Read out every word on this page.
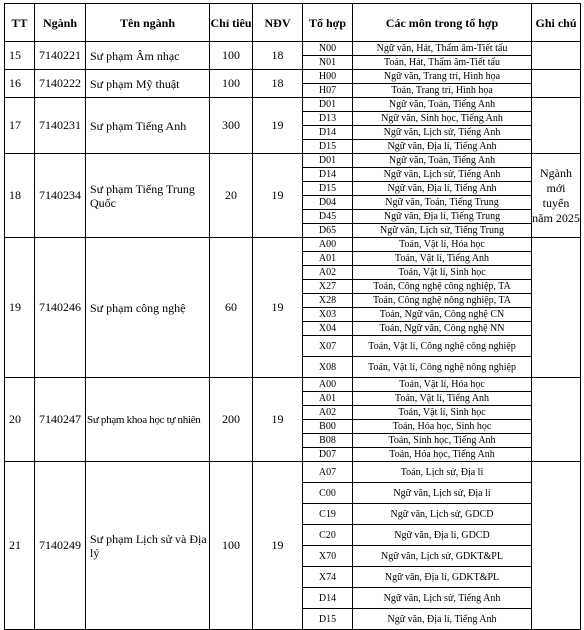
TT	Ngành	Tên ngành	Chỉ tiêu	NĐV	Tổ hợp	Các môn trong tổ hợp	Ghi chú
15	7140221	Sư phạm Âm nhạc	100	18	N00	Ngữ văn, Hát, Thẩm âm-Tiết tấu	
					N01	Toán, Hát, Thẩm âm-Tiết tấu	
16	7140222	Sư phạm Mỹ thuật	100	18	H00	Ngữ văn, Trang trí, Hình họa	
					H07	Toán, Trang trí, Hình họa	
17	7140231	Sư phạm Tiếng Anh	300	19	D01	Ngữ văn, Toán, Tiếng Anh	
					D13	Ngữ văn, Sinh học, Tiếng Anh	
					D14	Ngữ văn, Lịch sử, Tiếng Anh	
					D15	Ngữ văn, Địa lí, Tiếng Anh	
18	7140234	Sư phạm Tiếng Trung Quốc	20	19	D01	Ngữ văn, Toán, Tiếng Anh	Ngành mới tuyển năm 2025
					D14	Ngữ văn, Lịch sử, Tiếng Anh	
					D15	Ngữ văn, Địa lí, Tiếng Anh	
					D04	Ngữ văn, Toán, Tiếng Trung	
					D45	Ngữ văn, Địa lí, Tiếng Trung	
					D65	Ngữ văn, Lịch sử, Tiếng Trung	
19	7140246	Sư phạm công nghệ	60	19	A00	Toán, Vật lí, Hóa học	
					A01	Toán, Vật lí, Tiếng Anh	
					A02	Toán, Vật lí, Sinh học	
					X27	Toán, Công nghệ công nghiệp, TA	
					X28	Toán, Công nghệ nông nghiệp, TA	
					X03	Toán, Ngữ văn, Công nghệ CN	
					X04	Toán, Ngữ văn, Công nghệ NN	
					X07	Toán, Vật lí, Công nghệ công nghiệp	
					X08	Toán, Vật lí, Công nghệ nông nghiệp	
20	7140247	Sư phạm khoa học tự nhiên	200	19	A00	Toán, Vật lí, Hóa học	
					A01	Toán, Vật lí, Tiếng Anh	
					A02	Toán, Vật lí, Sinh học	
					B00	Toán, Hóa học, Sinh học	
					B08	Toán, Sinh học, Tiếng Anh	
					D07	Toán, Hóa học, Tiếng Anh	
21	7140249	Sư phạm Lịch sử và Địa lý	100	19	A07	Toán, Lịch sử, Địa lí	
					C00	Ngữ văn, Lịch sử, Địa lí	
					C19	Ngữ văn, Lịch sử, GDCD	
					C20	Ngữ văn, Địa lí, GDCD	
					X70	Ngữ văn, Lịch sử, GDKT&PL	
					X74	Ngữ văn, Địa lí, GDKT&PL	
					D14	Ngữ văn, Lịch sử, Tiếng Anh	
					D15	Ngữ văn, Địa lí, Tiếng Anh	
